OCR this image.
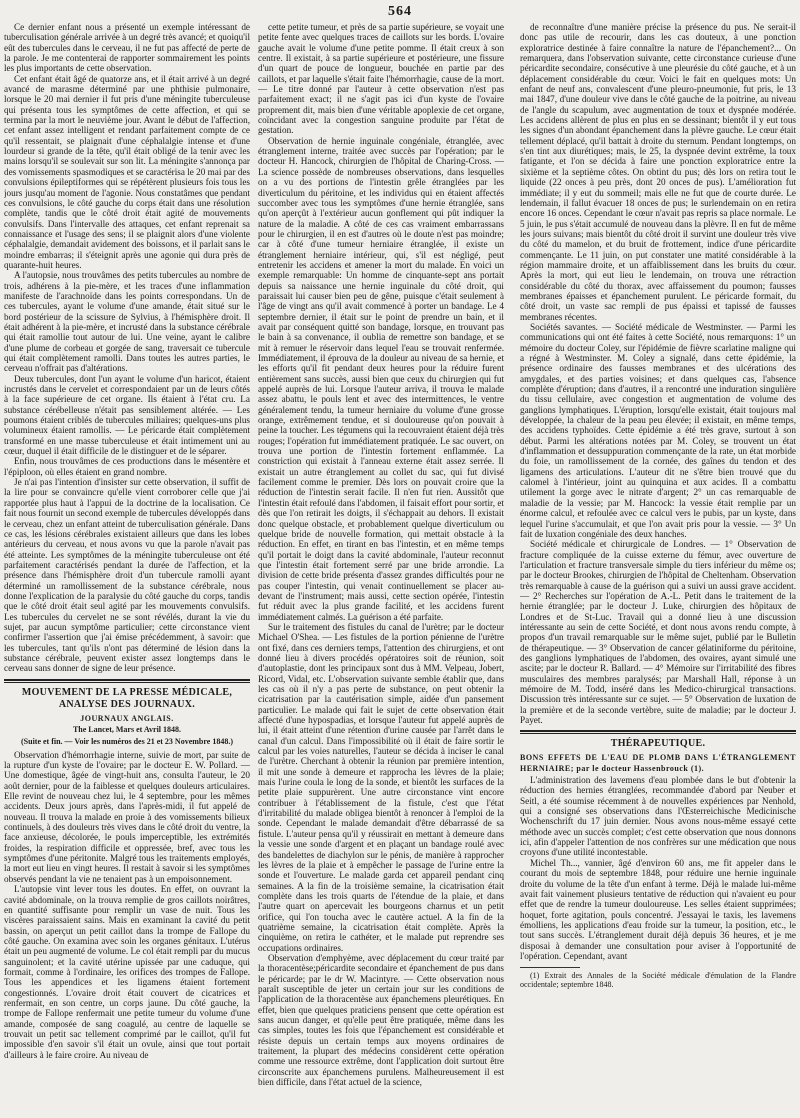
564

Ce dernier enfant nous a présenté un exemple intéressant de tuberculisation générale arrivée à un degré très avancé; et quoiqu'il eût des tubercules dans le cerveau, il ne fut pas affecté de perte de la parole. Je me contenterai de rapporter sommairement les points les plus importants de cette observation.

Cet enfant était âgé de quatorze ans, et il était arrivé à un degré avancé de marasme déterminé par une phthisie pulmonaire, lorsque le 20 mai dernier il fut pris d'une méningite tuberculeuse qui présenta tous les symptômes de cette affection, et qui se termina par la mort le neuvième jour. Avant le début de l'affection, cet enfant assez intelligent et rendant parfaitement compte de ce qu'il ressentait, se plaignait d'une céphalalgie intense et d'une lourdeur si grande de la tête, qu'il était obligé de la tenir avec les mains lorsqu'il se soulevait sur son lit. La méningite s'annonça par des vomissements spasmodiques et se caractérisa le 20 mai par des convulsions épileptiformes qui se répétèrent plusieurs fois tous les jours jusqu'au moment de l'agonie. Nous constatâmes que pendant ces convulsions, le côté gauche du corps était dans une résolution complète, tandis que le côté droit était agité de mouvements convulsifs. Dans l'intervalle des attaques, cet enfant reprenait sa connaissance et l'usage des sens; il se plaignit alors d'une violente céphalalgie, demandait avidement des boissons, et il parlait sans le moindre embarras; il s'éteignit après une agonie qui dura près de quarante-huit heures.

A l'autopsie, nous trouvâmes des petits tubercules au nombre de trois, adhérens à la pie-mère, et les traces d'une inflammation manifeste de l'arachnoïde dans les points correspondans. Un de ces tubercules, ayant le volume d'une amande, était situé sur le bord postérieur de la scissure de Sylvius, à l'hémisphère droit. Il était adhérent à la pie-mère, et incrusté dans la substance cérébrale qui était ramollie tout autour de lui. Une veine, ayant le calibre d'une plume de corbeau et gorgée de sang, traversait ce tubercule qui était complètement ramolli. Dans toutes les autres parties, le cerveau n'offrait pas d'altérations.

Deux tubercules, dont l'un ayant le volume d'un haricot, étaient incrustés dans le cervelet et correspondaient par un de leurs côtés à la face supérieure de cet organe. Ils étaient à l'état cru. La substance cérébelleuse n'était pas sensiblement altérée. — Les poumons étaient criblés de tubercules miliaires; quelques-uns plus volumineux étaient ramollis. — Le péricarde était complètement transformé en une masse tuberculeuse et était intimement uni au cœur, duquel il était difficile de le distinguer et de le séparer.

Enfin, nous trouvâmes de ces productions dans le mésentère et l'épiploon, où elles étaient en grand nombre.

Je n'ai pas l'intention d'insister sur cette observation, il suffit de la lire pour se convaincre qu'elle vient corroborer celle que j'ai rapportée plus haut à l'appui de la doctrine de la localisation. Ce fait nous fournit un second exemple de tubercules développés dans le cerveau, chez un enfant atteint de tuberculisation générale. Dans ce cas, les lésions cérébrales existaient ailleurs que dans les lobes antérieurs du cerveau, et nous avons vu que la parole n'avait pas été atteinte. Les symptômes de la méningite tuberculeuse ont été parfaitement caractérisés pendant la durée de l'affection, et la présence dans l'hémisphère droit d'un tubercule ramolli ayant déterminé un ramollissement de la substance cérébrale, nous donne l'explication de la paralysie du côté gauche du corps, tandis que le côté droit était seul agité par les mouvements convulsifs. Les tubercules du cervelet ne se sont révélés, durant la vie du sujet, par aucun symptôme particulier; cette circonstance vient confirmer l'assertion que j'ai émise précédemment, à savoir: que les tubercules, tant qu'ils n'ont pas déterminé de lésion dans la substance cérébrale, peuvent exister assez longtemps dans le cerveau sans donner de signe de leur présence.

MOUVEMENT DE LA PRESSE MÉDICALE, ANALYSE DES JOURNAUX.
JOURNAUX ANGLAIS.
The Lancet, Mars et Avril 1848.
(Suite et fin. — Voir les numéros des 21 et 23 Novembre 1848.)

Observation d'hémorrhagie interne, suivie de mort, par suite de la rupture d'un kyste de l'ovaire; par le docteur E. W. Pollard. — Une domestique, âgée de vingt-huit ans, consulta l'auteur, le 20 août dernier, pour de la faiblesse et quelques douleurs articulaires. Elle revint de nouveau chez lui, le 4 septembre, pour les mêmes accidents. Deux jours après, dans l'après-midi, il fut appelé de nouveau. Il trouva la malade en proie à des vomissements bilieux continuels, à des douleurs très vives dans le côté droit du ventre, la face anxieuse, décolorée, le pouls imperceptible, les extrémités froides, la respiration difficile et oppressée, bref, avec tous les symptômes d'une péritonite. Malgré tous les traitements employés, la mort eut lieu en vingt heures. Il restait à savoir si les symptômes observés pendant la vie ne tenaient pas à un empoisonnement.

L'autopsie vint lever tous les doutes. En effet, on ouvrant la cavité abdominale, on la trouva remplie de gros caillots noirâtres, en quantité suffisante pour remplir un vase de nuit. Tous les viscères paraissaient sains. Mais en examinant la cavité du petit bassin, on aperçut un petit caillot dans la trompe de Fallope du côté gauche. On examina avec soin les organes génitaux. L'utérus était un peu augmenté de volume. Le col était rempli par du mucus sanguinolent; et la cavité utérine upissée par une caduque, qui formait, comme à l'ordinaire, les orifices des trompes de Fallope. Tous les appendices et les ligamens étaient fortement congestionnés. L'ovaire droit était couvert de cicatrices et renfermait, en son centre, un corps jaune. Du côté gauche, la trompe de Fallope renfermait une petite tumeur du volume d'une amande, composée de sang coagulé, au centre de laquelle se trouvait un petit sac tellement comprimé par le caillot, qu'il fut impossible d'en savoir s'il était un ovule, ainsi que tout portait d'ailleurs à le faire croire. Au niveau de

cette petite tumeur, et près de sa partie supérieure, se voyait une petite fente avec quelques traces de caillots sur les bords. L'ovaire gauche avait le volume d'une petite pomme. Il était creux à son centre. Il existait, à sa partie supérieure et postérieure, une fissure d'un quart de pouce de longueur, bouchée en partie par des caillots, et par laquelle s'était faite l'hémorrhagie, cause de la mort. — Le titre donné par l'auteur à cette observation n'est pas parfaitement exact; il ne s'agit pas ici d'un kyste de l'ovaire proprement dit, mais bien d'une véritable apoplexie de cet organe, coïncidant avec la congestion sanguine produite par l'état de gestation.

Observation de hernie inguinale congéniale, étranglée, avec étranglement interne, traitée avec succès par l'opération; par le docteur H. Hancock, chirurgien de l'hôpital de Charing-Cross. — La science possède de nombreuses observations, dans lesquelles on a vu des portions de l'intestin grêle étranglées par les diverticulum du péritoine, et les individus qui en étaient affectés succomber avec tous les symptômes d'une hernie étranglée, sans qu'on aperçût à l'extérieur aucun gonflement qui pût indiquer la nature de la maladie. A côté de ces cas vraiment embarrassans pour le chirurgien, il en est d'autres où le doute n'est pas moindre; car à côté d'une tumeur herniaire étranglée, il existe un étranglement herniaire intérieur, qui, s'il est négligé, peut entretenir les accidens et amener la mort du malade. En voici un exemple remarquable: Un homme de cinquante-sept ans portait depuis sa naissance une hernie inguinale du côté droit, qui paraissait lui causer bien peu de gêne, puisque c'était seulement à l'âge de vingt ans qu'il avait commencé à porter un bandage. Le 4 septembre dernier, il était sur le point de prendre un bain, et il avait par conséquent quitté son bandage, lorsque, en trouvant pas le bain à sa convenance, il oublia de remettre son bandage, et se mit à remuer le réservoir dans lequel l'eau se trouvait renfermée. Immédiatement, il éprouva de la douleur au niveau de sa hernie, et les efforts qu'il fit pendant deux heures pour la réduire furent entièrement sans succès, aussi bien que ceux du chirurgien qui fut appelé auprès de lui. Lorsque l'auteur arriva, il trouva le malade assez abattu, le pouls lent et avec des intermittences, le ventre généralement tendu, la tumeur herniaire du volume d'une grosse orange, extrêmement tendue, et si douloureuse qu'on pouvait à peine la toucher. Les tégumens qui la recouvraient étaient déjà très rouges; l'opération fut immédiatement pratiquée. Le sac ouvert, on trouva une portion de l'intestin fortement enflammée. La constriction qui existait à l'anneau externe était assez serrée. Il existait un autre étranglement au collet du sac, qui fut divisé facilement comme le premier. Dès lors on pouvait croire que la réduction de l'intestin serait facile. Il n'en fut rien. Aussitôt que l'intestin était refoulé dans l'abdomen, il faisait effort pour sortir, et dès que l'on retirait les doigts, il s'échappait au dehors. Il existait donc quelque obstacle, et probablement quelque diverticulum ou quelque bride de nouvelle formation, qui mettait obstacle à la réduction. En effet, en tirant en bas l'intestin, et en même temps qu'il portait le doigt dans la cavité abdominale, l'auteur reconnut que l'intestin était fortement serré par une bride arrondie. La division de cette bride présenta d'assez grandes difficultés pour ne pas couper l'intestin, qui venait continuellement se placer au-devant de l'instrument; mais aussi, cette section opérée, l'intestin fut réduit avec la plus grande facilité, et les accidens furent immédiatement calmés. La guérison a été parfaite.

Sur le traitement des fistules du canal de l'urètre; par le docteur Michael O'Shea. — Les fistules de la portion pénienne de l'urètre ont fixé, dans ces derniers temps, l'attention des chirurgiens, et ont donné lieu à divers procédés opératoires soit de réunion, soit d'autoplastie, dont les principaux sont dus à MM. Velpeau, Jobert, Ricord, Vidal, etc. L'observation suivante semble établir que, dans les cas où il n'y a pas perte de substance, on peut obtenir la cicatrisation par la cautérisation simple, aidée d'un pansement particulier. Le malade qui fait le sujet de cette observation était affecté d'une hypospadias, et lorsque l'auteur fut appelé auprès de lui, il était atteint d'une rétention d'urine causée par l'arrêt dans le canal d'un calcul. Dans l'impossibilité où il était de faire sortir le calcul par les voies naturelles, l'auteur se décida à inciser le canal de l'urètre. Cherchant à obtenir la réunion par première intention, il mit une sonde à demeure et rapprocha les lèvres de la plaie; mais l'urine coula le long de la sonde, et bientôt les surfaces de la petite plaie suppurèrent. Une autre circonstance vint encore contribuer à l'établissement de la fistule, c'est que l'état d'irritabilité du malade obligea bientôt à renoncer à l'emploi de la sonde. Cependant le malade demandait d'être débarrassé de sa fistule. L'auteur pensa qu'il y réussirait en mettant à demeure dans la vessie une sonde d'argent et en plaçant un bandage roulé avec des bandelettes de diachylon sur le pénis, de manière à rapprocher les lèvres de la plaie et à empêcher le passage de l'urine entre la sonde et l'ouverture. Le malade garda cet appareil pendant cinq semaines. A la fin de la troisième semaine, la cicatrisation était complète dans les trois quarts de l'étendue de la plaie, et dans l'autre quart on apercevait les bourgeons charnus et un petit orifice, qui l'on toucha avec le cautère actuel. A la fin de la quatrième semaine, la cicatrisation était complète. Après la cinquième, on retira le cathéter, et le malade put reprendre ses occupations ordinaires.

Observation d'emphyème, avec déplacement du cœur traité par la thoracentèse;péricardite secondaire et épanchement de pus dans le péricarde; par le dr W. Macintyre. — Cette observation nous paraît susceptible de jeter un certain jour sur les conditions de l'application de la thoracentèse aux épanchemens pleurétiques. En effet, bien que quelques praticiens pensent que cette opération est sans aucun danger, et qu'elle peut être pratiquée, même dans les cas simples, toutes les fois que l'épanchement est considérable et résiste depuis un certain temps aux moyens ordinaires de traitement, la plupart des médecins considèrent cette opération comme une ressource extrême, dont l'application doit surtout être circonscrite aux épanchemens purulens. Malheureusement il est bien difficile, dans l'état actuel de la science,

de reconnaître d'une manière précise la présence du pus. Ne serait-il donc pas utile de recourir, dans les cas douteux, à une ponction exploratrice destinée à faire connaître la nature de l'épanchement?... On remarquera, dans l'observation suivante, cette circonstance curieuse d'une péricardite secondaire, consécutive à une pleurésie du côté gauche, et à un déplacement considérable du cœur. Voici le fait en quelques mots: Un enfant de neuf ans, convalescent d'une pleuro-pneumonie, fut pris, le 13 mai 1847, d'une douleur vive dans le côté gauche de la poitrine, au niveau de l'angle du scapulum, avec augmentation de toux et dyspnée modérée. Les accidens allèrent de plus en plus en se dessinant; bientôt il y eut tous les signes d'un abondant épanchement dans la plèvre gauche. Le cœur était tellement déplacé, qu'il battait à droite du sternum. Pendant longtemps, on s'en tint aux diurétiques; mais, le 25, la dyspnée devint extrême, la toux fatigante, et l'on se décida à faire une ponction exploratrice entre la sixième et la septième côtes. On obtint du pus; dès lors on retira tout le liquide (22 onces à peu près, dont 20 onces de pus). L'amélioration fut immédiate; il y eut du sommeil; mais elle ne fut que de courte durée. Le lendemain, il fallut évacuer 18 onces de pus; le surlendemain on en retira encore 16 onces. Cependant le cœur n'avait pas repris sa place normale. Le 5 juin, le pus s'était accumulé de nouveau dans la plèvre. Il en fut de même les jours suivans; mais bientôt du côté droit il survint une douleur très vive du côté du mamelon, et du bruit de frottement, indice d'une péricardite commençante. Le 11 juin, on put constater une matité considérable à la région mammaire droite, et un affaiblissement dans les bruits du cœur. Après la mort, qui eut lieu le lendemain, on trouva une rétraction considérable du côté du thorax, avec affaissement du poumon; fausses membranes épaisses et épanchement purulent. Le péricarde formait, du côté droit, un vaste sac rempli de pus épaissi et tapissé de fausses membranes récentes.

Sociétés savantes. — Société médicale de Westminster. — Parmi les communications qui ont été faites à cette Société, nous remarquons: 1° un mémoire du docteur Coley, sur l'épidémie de fièvre scarlatine maligne qui a régné à Westminster. M. Coley a signalé, dans cette épidémie, la présence ordinaire des fausses membranes et des ulcérations des amygdales, et des parties voisines; et dans quelques cas, l'absence complète d'éruption; dans d'autres, il a rencontré une induration singulière du tissu cellulaire, avec congestion et augmentation de volume des ganglions lymphatiques. L'éruption, lorsqu'elle existait, était toujours mal développée, la chaleur de la peau peu élevée; il existait, en même temps, des accidens typhoïdes. Cette épidémie a été très grave, surtout à son début. Parmi les altérations notées par M. Coley, se trouvent un état d'inflammation et dessuppuration commençante de la rate, un état morbide du foie, un ramollissement de la cornée, des gaînes du tendon et des ligamens des articulations. L'auteur dit ne s'être bien trouvé que du calomel à l'intérieur, joint au quinquina et aux acides. Il a combattu utilement la gorge avec le nitrate d'argent; 2° un cas remarquable de maladie de la vessie; par M. Hancock: la vessie était remplie par un énorme calcul, et refoulée avec ce calcul vers le pubis, par un kyste, dans lequel l'urine s'accumulait, et que l'on avait pris pour la vessie. — 3° Un fait de luxation congéniale des deux hanches.

Société médicale et chirurgicale de Londres. — 1° Observation de fracture compliquée de la cuisse externe du fémur, avec ouverture de l'articulation et fracture transversale simple du tiers inférieur du même os; par le docteur Brookes, chirurgien de l'hôpital de Cheltenham. Observation très remarquable à cause de la guérison qui a suivi un aussi grave accident. — 2° Recherches sur l'opération de A.-L. Petit dans le traitement de la hernie étranglée; par le docteur J. Luke, chirurgien des hôpitaux de Londres et de St-Luc. Travail qui a donné lieu à une discussion intéressante au sein de cette Société, et dont nous avons rendu compte, à propos d'un travail remarquable sur le même sujet, publié par le Bulletin de thérapeutique. — 3° Observation de cancer gélatiniforme du péritoine, des ganglions lymphatiques de l'abdomen, des ovaires, ayant simulé une ascite; par le docteur R. Ballard. — 4° Mémoire sur l'irritabilité des fibres musculaires des membres paralysés; par Marshall Hall, réponse à un mémoire de M. Todd, inséré dans les Medico-chirurgical transactions. Discussion très intéressante sur ce sujet. — 5° Observation de luxation de la première et de la seconde vertèbre, suite de maladie; par le docteur J. Payet.

THÉRAPEUTIQUE.
BONS EFFETS DE L'EAU DE PLOMB DANS L'ÉTRANGLEMENT HERNIAIRE; par le docteur Hassenbrouck (1).

L'administration des lavemens d'eau plombée dans le but d'obtenir la réduction des hernies étranglées, recommandée d'abord par Neuber et Seitl, a été soumise récemment à de nouvelles expériences par Nenhold, qui a consigné ses observations dans l'Œsterreichische Medicinische Wochenschrift du 17 juin dernier. Nous avons nous-même essayé cette méthode avec un succès complet; c'est cette observation que nous donnons ici, afin d'appeler l'attention de nos confrères sur une médication que nous croyons d'une utilité incontestable.

Michel Th..., vannier, âgé d'environ 60 ans, me fit appeler dans le courant du mois de septembre 1848, pour réduire une hernie inguinale droite du volume de la tête d'un enfant à terme. Déjà le malade lui-même avait fait vainement plusieurs tentative de réduction qui n'avaient eu pour effet que de rendre la tumeur douloureuse. Les selles étaient supprimées; hoquet, forte agitation, pouls concentré. J'essayai le taxis, les lavemens émolliens, les applications d'eau froide sur la tumeur, la position, etc., le tout sans succès. L'étranglement durait déjà depuis 36 heures, et je me disposai à demander une consultation pour aviser à l'opportunité de l'opération. Cependant, avant

(1) Extrait des Annales de la Société médicale d'émulation de la Flandre occidentale; septembre 1848.
